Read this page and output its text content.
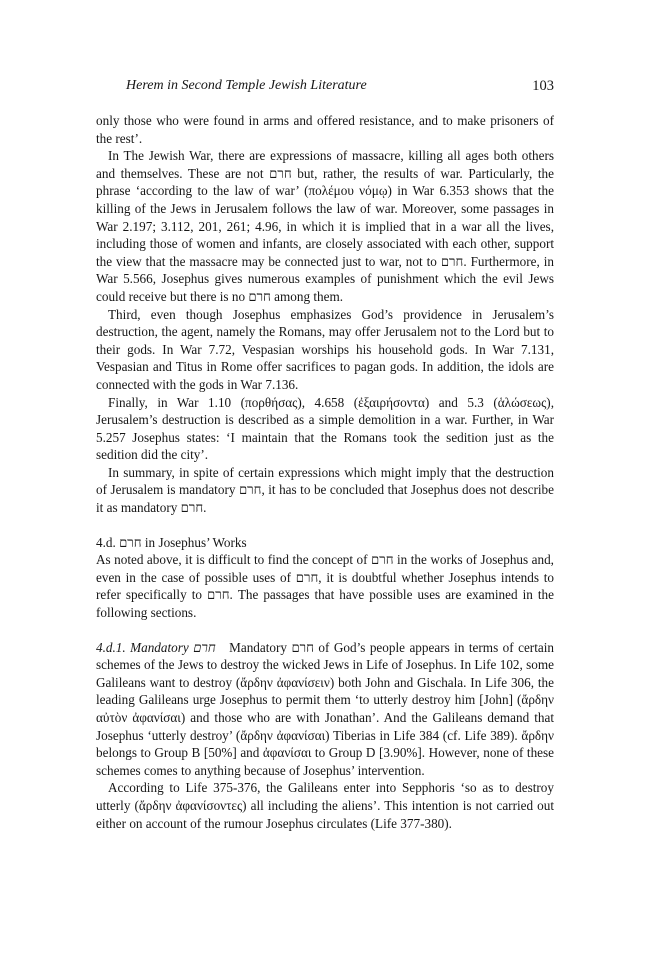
Herem in Second Temple Jewish Literature	103

only those who were found in arms and offered resistance, and to make prisoners of the rest’.

In The Jewish War, there are expressions of massacre, killing all ages both others and themselves. These are not חרם but, rather, the results of war. Particularly, the phrase ‘according to the law of war’ (πολέμου νόμῳ) in War 6.353 shows that the killing of the Jews in Jerusalem follows the law of war. Moreover, some passages in War 2.197; 3.112, 201, 261; 4.96, in which it is implied that in a war all the lives, including those of women and infants, are closely associated with each other, support the view that the massacre may be connected just to war, not to חרם. Furthermore, in War 5.566, Josephus gives numerous examples of punishment which the evil Jews could receive but there is no חרם among them.

Third, even though Josephus emphasizes God’s providence in Jerusalem’s destruction, the agent, namely the Romans, may offer Jerusalem not to the Lord but to their gods. In War 7.72, Vespasian worships his household gods. In War 7.131, Vespasian and Titus in Rome offer sacrifices to pagan gods. In addition, the idols are connected with the gods in War 7.136.

Finally, in War 1.10 (πορθήσας), 4.658 (ἐξαιρήσοντα) and 5.3 (ἁλώσεως), Jerusalem’s destruction is described as a simple demolition in a war. Further, in War 5.257 Josephus states: ‘I maintain that the Romans took the sedition just as the sedition did the city’.

In summary, in spite of certain expressions which might imply that the destruction of Jerusalem is mandatory חרם, it has to be concluded that Josephus does not describe it as mandatory חרם.

4.d. חרם in Josephus’ Works

As noted above, it is difficult to find the concept of חרם in the works of Josephus and, even in the case of possible uses of חרם, it is doubtful whether Josephus intends to refer specifically to חרם. The passages that have possible uses are examined in the following sections.

4.d.1. Mandatory חרם Mandatory חרם of God’s people appears in terms of certain schemes of the Jews to destroy the wicked Jews in Life of Josephus. In Life 102, some Galileans want to destroy (ἄρδην ἀφανίσειν) both John and Gischala. In Life 306, the leading Galileans urge Josephus to permit them ‘to utterly destroy him [John] (ἄρδην αὐτὸν ἀφανίσαι) and those who are with Jonathan’. And the Galileans demand that Josephus ‘utterly destroy’ (ἄρδην ἀφανίσαι) Tiberias in Life 384 (cf. Life 389). ἄρδην belongs to Group B [50%] and ἀφανίσαι to Group D [3.90%]. However, none of these schemes comes to anything because of Josephus’ intervention.

According to Life 375-376, the Galileans enter into Sepphoris ‘so as to destroy utterly (ἄρδην ἀφανίσοντες) all including the aliens’. This intention is not carried out either on account of the rumour Josephus circulates (Life 377-380).
